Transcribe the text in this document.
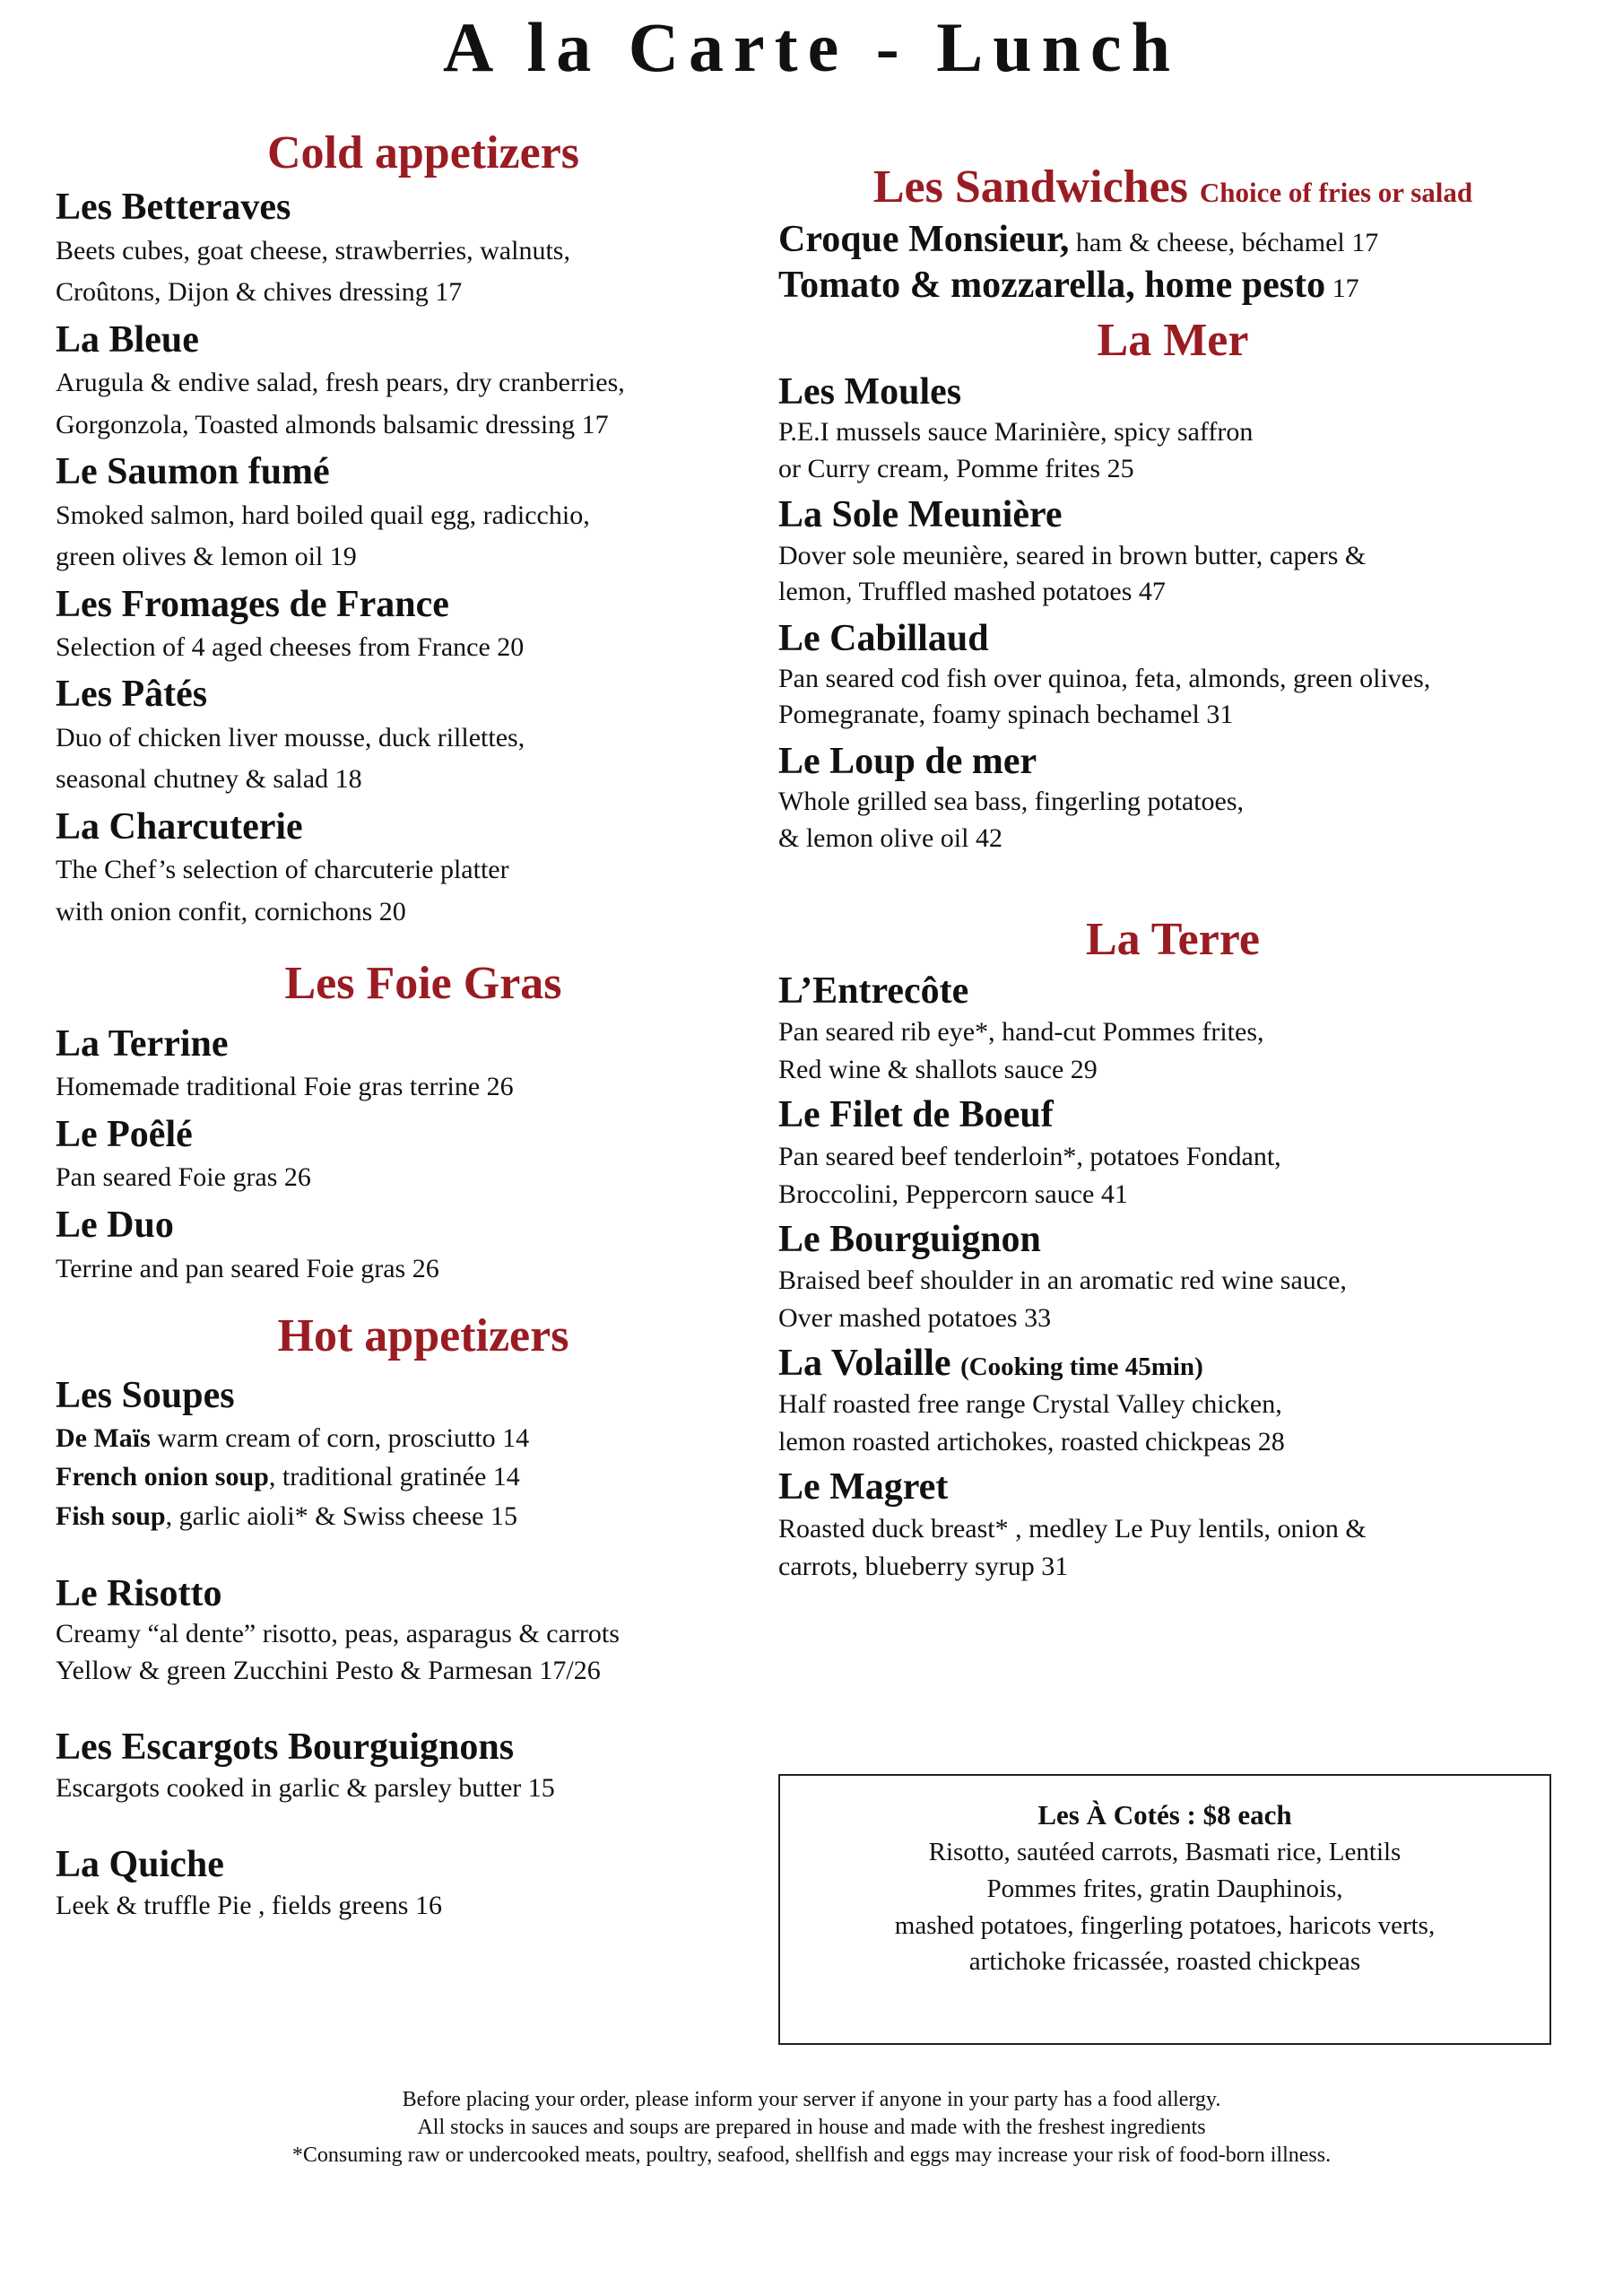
A la Carte - Lunch

Cold appetizers

Les Betteraves

Beets cubes, goat cheese, strawberries, walnuts,

Croûtons, Dijon & chives dressing 17

La Bleue

Arugula & endive salad, fresh pears, dry cranberries,

Gorgonzola, Toasted almonds balsamic dressing 17

Le Saumon fumé

Smoked salmon, hard boiled quail egg, radicchio,

green olives & lemon oil 19

Les Fromages de France

Selection of 4 aged cheeses from France 20

Les Pâtés

Duo of chicken liver mousse, duck rillettes,

seasonal chutney & salad 18

La Charcuterie

The Chef’s selection of charcuterie platter

with onion confit, cornichons 20

Les Foie Gras

La Terrine

Homemade traditional Foie gras terrine 26

Le Poêlé

Pan seared Foie gras 26

Le Duo

Terrine and pan seared Foie gras 26

Hot appetizers

Les Soupes

De Maïs warm cream of corn, prosciutto 14

French onion soup, traditional gratinée 14

Fish soup, garlic aioli* & Swiss cheese 15

Le Risotto

Creamy “al dente” risotto, peas, asparagus & carrots

Yellow & green Zucchini Pesto & Parmesan 17/26

Les Escargots Bourguignons

Escargots cooked in garlic & parsley butter 15

La Quiche

Leek & truffle Pie , fields greens 16

Les Sandwiches Choice of fries or salad

Croque Monsieur, ham & cheese, béchamel 17

Tomato & mozzarella, home pesto 17

La Mer

Les Moules

P.E.I mussels sauce Marinière, spicy saffron

or Curry cream, Pomme frites 25

La Sole Meunière

Dover sole meunière, seared in brown butter, capers &

lemon, Truffled mashed potatoes 47

Le Cabillaud

Pan seared cod fish over quinoa, feta, almonds, green olives,

Pomegranate, foamy spinach bechamel 31

Le Loup de mer

Whole grilled sea bass, fingerling potatoes,

& lemon olive oil 42

La Terre

L’Entrecôte

Pan seared rib eye*, hand-cut Pommes frites,

Red wine & shallots sauce 29

Le Filet de Boeuf

Pan seared beef tenderloin*, potatoes Fondant,

Broccolini, Peppercorn sauce 41

Le Bourguignon

Braised beef shoulder in an aromatic red wine sauce,

Over mashed potatoes 33

La Volaille (Cooking time 45min)

Half roasted free range Crystal Valley chicken,

lemon roasted artichokes, roasted chickpeas 28

Le Magret

Roasted duck breast* , medley Le Puy lentils, onion &

carrots, blueberry syrup 31

Les À Cotés : $8 each

Risotto, sautéed carrots, Basmati rice, Lentils

Pommes frites, gratin Dauphinois,

mashed potatoes, fingerling potatoes, haricots verts,

artichoke fricassée, roasted chickpeas

Before placing your order, please inform your server if anyone in your party has a food allergy.

All stocks in sauces and soups are prepared in house and made with the freshest ingredients

*Consuming raw or undercooked meats, poultry, seafood, shellfish and eggs may increase your risk of food-born illness.
